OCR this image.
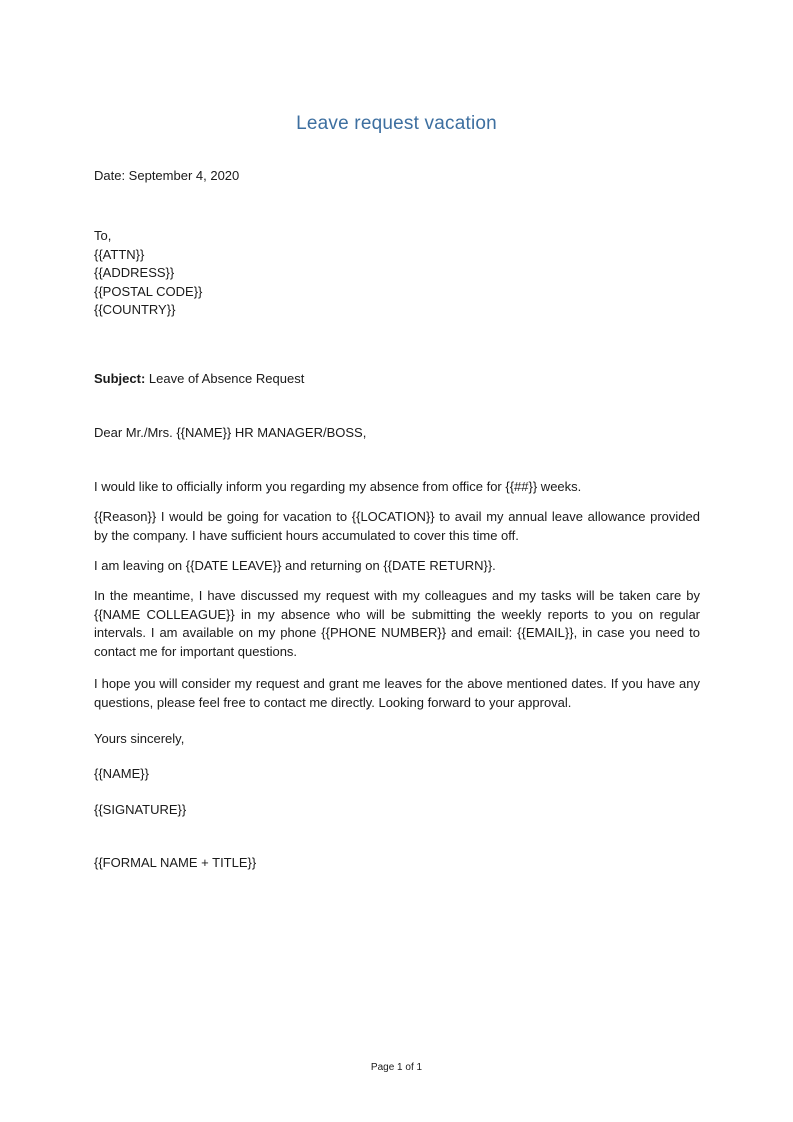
Leave request vacation
Date: September 4, 2020
To,
{{ATTN}}
{{ADDRESS}}
{{POSTAL CODE}}
{{COUNTRY}}
Subject: Leave of Absence Request
Dear Mr./Mrs. {{NAME}} HR MANAGER/BOSS,
I would like to officially inform you regarding my absence from office for {{##}} weeks.
{{Reason}} I would be going for vacation to {{LOCATION}} to avail my annual leave allowance provided by the company. I have sufficient hours accumulated to cover this time off.
I am leaving on {{DATE LEAVE}} and returning on {{DATE RETURN}}.
In the meantime, I have discussed my request with my colleagues and my tasks will be taken care by {{NAME COLLEAGUE}} in my absence who will be submitting the weekly reports to you on regular intervals. I am available on my phone {{PHONE NUMBER}} and email: {{EMAIL}}, in case you need to contact me for important questions.
I hope you will consider my request and grant me leaves for the above mentioned dates. If you have any questions, please feel free to contact me directly. Looking forward to your approval.
Yours sincerely,
{{NAME}}
{{SIGNATURE}}
{{FORMAL NAME + TITLE}}
Page 1 of 1
